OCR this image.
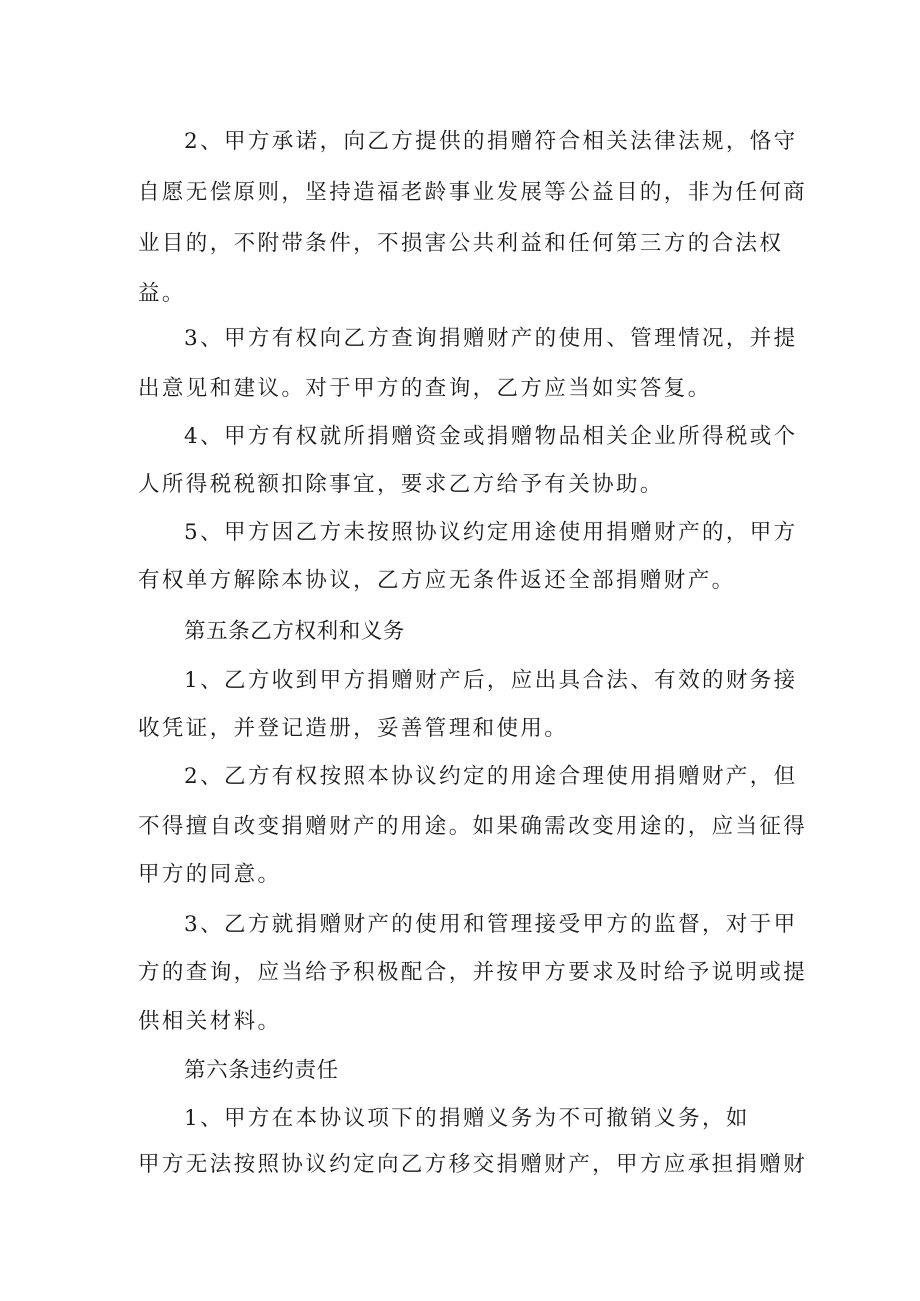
2、甲方承诺，向乙方提供的捐赠符合相关法律法规，恪守
自愿无偿原则，坚持造福老龄事业发展等公益目的，非为任何商
业目的，不附带条件，不损害公共利益和任何第三方的合法权
益。
3、甲方有权向乙方查询捐赠财产的使用、管理情况，并提
出意见和建议。对于甲方的查询，乙方应当如实答复。
4、甲方有权就所捐赠资金或捐赠物品相关企业所得税或个
人所得税税额扣除事宜，要求乙方给予有关协助。
5、甲方因乙方未按照协议约定用途使用捐赠财产的，甲方
有权单方解除本协议，乙方应无条件返还全部捐赠财产。
第五条乙方权利和义务
1、乙方收到甲方捐赠财产后，应出具合法、有效的财务接
收凭证，并登记造册，妥善管理和使用。
2、乙方有权按照本协议约定的用途合理使用捐赠财产，但
不得擅自改变捐赠财产的用途。如果确需改变用途的，应当征得
甲方的同意。
3、乙方就捐赠财产的使用和管理接受甲方的监督，对于甲
方的查询，应当给予积极配合，并按甲方要求及时给予说明或提
供相关材料。
第六条违约责任
1、甲方在本协议项下的捐赠义务为不可撤销义务，如
甲方无法按照协议约定向乙方移交捐赠财产，甲方应承担捐赠财
